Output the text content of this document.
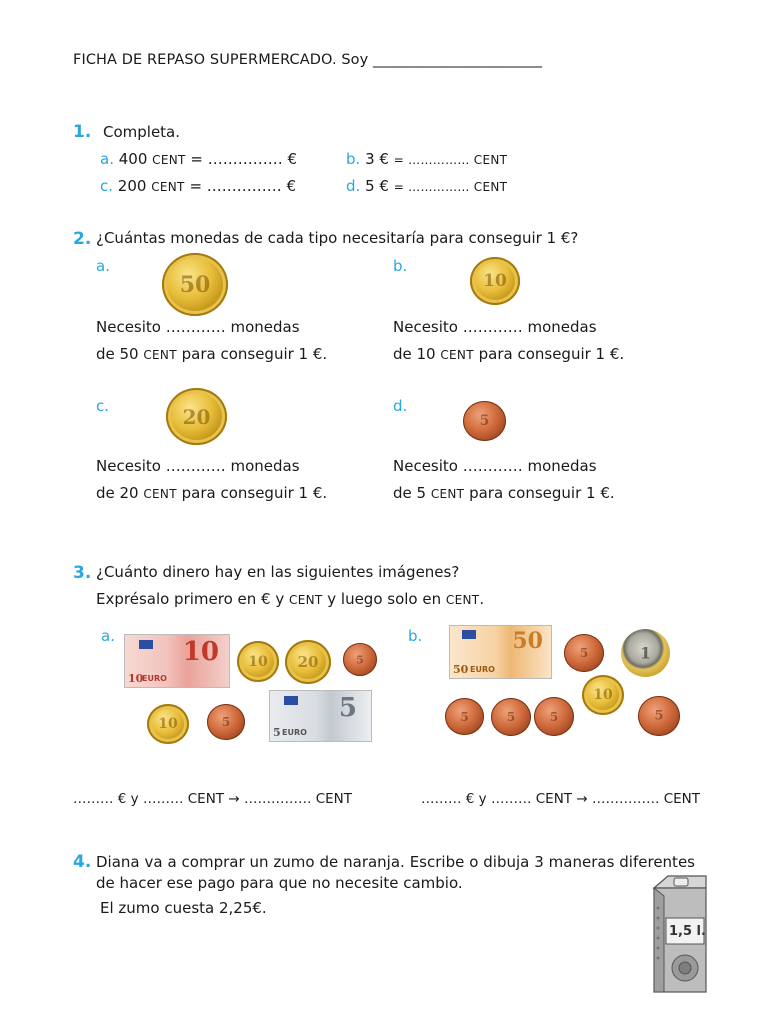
FICHA DE REPASO SUPERMERCADO. Soy _______________________
1. Completa.
a. 400 CENT = …………… €	b. 3 € = …………… CENT
c. 200 CENT = …………… €	d. 5 € = …………… CENT
2. ¿Cuántas monedas de cada tipo necesitaría para conseguir 1 €?
a.
50
Necesito ………… monedas
de 50 CENT para conseguir 1 €.
b.
10
Necesito ………… monedas
de 10 CENT para conseguir 1 €.
c.	20
Necesito ………… monedas
de 20 CENT para conseguir 1 €.
d.
5
Necesito ………… monedas
de 5 CENT para conseguir 1 €.
3. ¿Cuánto dinero hay en las siguientes imágenes?
Exprésalo primero en € y CENT y luego solo en CENT.
a.
10
10
EURO
10	20	5
10	5	5
5 EURO
……… € y ……… CENT → …………… CENT
b.	50
50 EURO
5	1
10
5	5	5	5
……… € y ……… CENT → …………… CENT
4. Diana va a comprar un zumo de naranja. Escribe o dibuja 3 maneras diferentes de hacer ese pago para que no necesite cambio.
El zumo cuesta 2,25€.
1,5 l.
